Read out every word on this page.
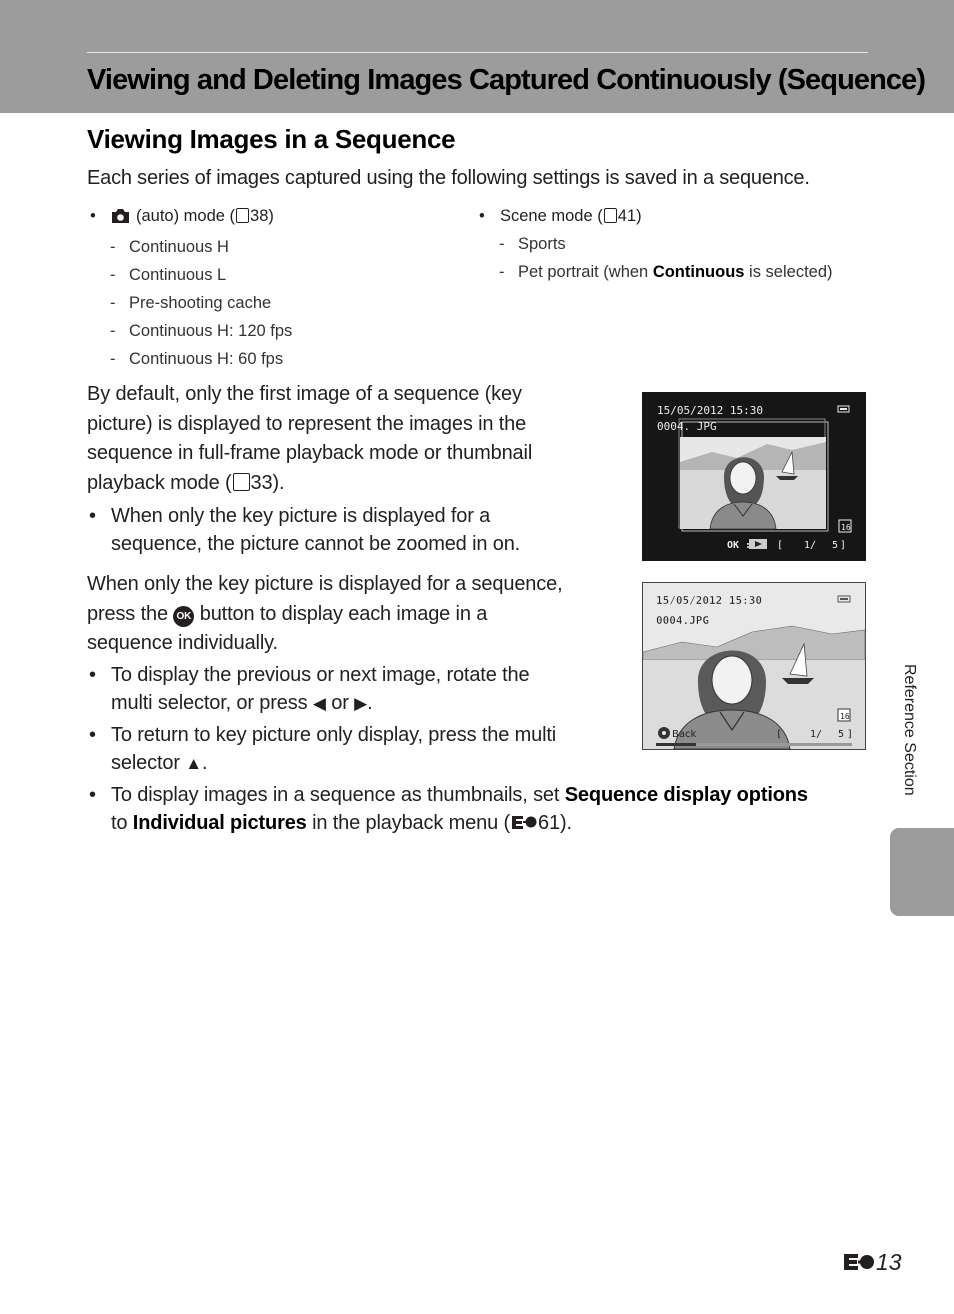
Viewing and Deleting Images Captured Continuously (Sequence)
Viewing Images in a Sequence

Each series of images captured using the following settings is saved in a sequence.

• (auto) mode ( 38)
- Continuous H
- Continuous L
- Pre-shooting cache
- Continuous H: 120 fps
- Continuous H: 60 fps
• Scene mode ( 41)
- Sports
- Pet portrait (when Continuous is selected)

By default, only the first image of a sequence (key
picture) is displayed to represent the images in the
sequence in full-frame playback mode or thumbnail
playback mode ( 33).

• When only the key picture is displayed for a
sequence, the picture cannot be zoomed in on.

When only the key picture is displayed for a sequence,
press the OK button to display each image in a
sequence individually.

• To display the previous or next image, rotate the
multi selector, or press ◀ or ▶.
• To return to key picture only display, press the multi
selector ▲.
• To display images in a sequence as thumbnails, set Sequence display options
to Individual pictures in the playback menu ( 61).
16
[	]
15/05/2012 15:30
0004. JPG
OK :	1/ 5
16
[	]
15/05/2012 15:30
0004.JPG
Back	1/ 5	Reference Section
13
